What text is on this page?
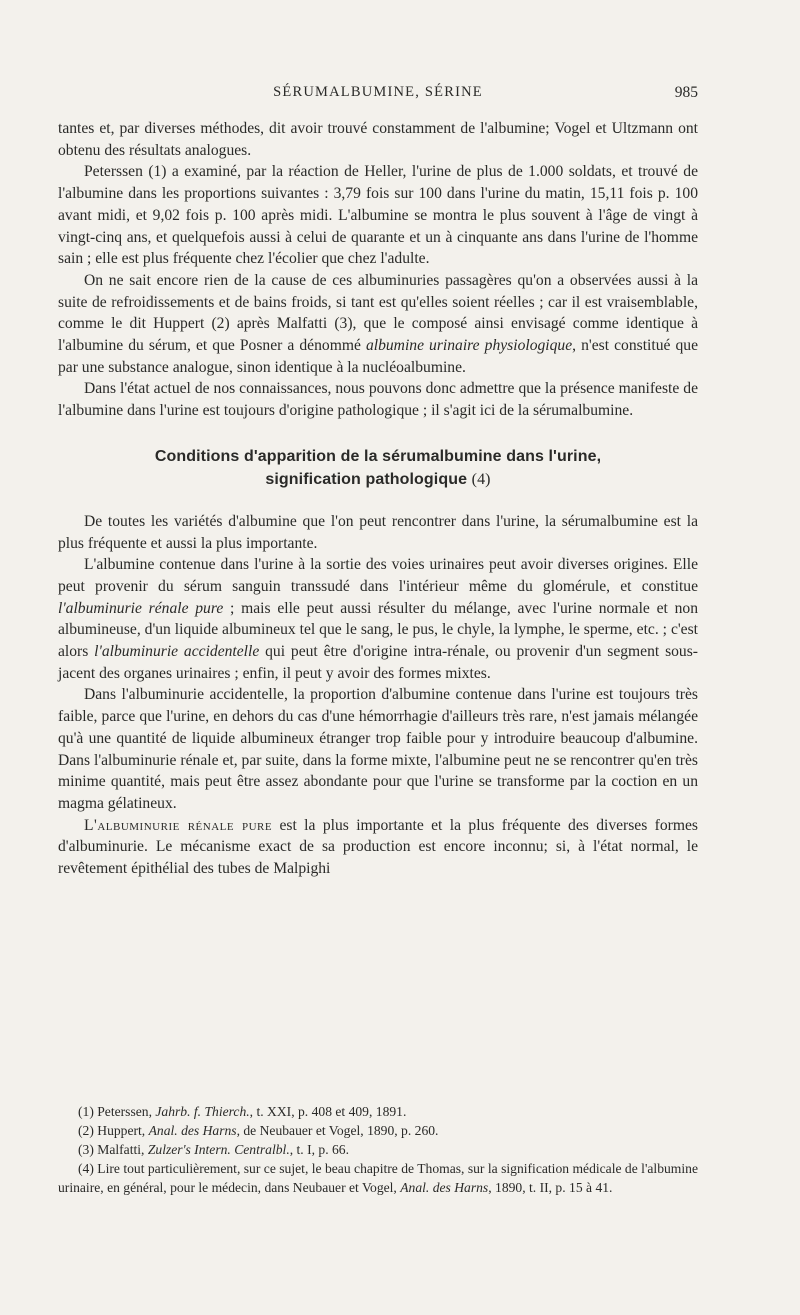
SÉRUMALBUMINE, SÉRINE	985

tantes et, par diverses méthodes, dit avoir trouvé constamment de l'albumine; Vogel et Ultzmann ont obtenu des résultats analogues.

Peterssen (1) a examiné, par la réaction de Heller, l'urine de plus de 1.000 soldats, et trouvé de l'albumine dans les proportions suivantes : 3,79 fois sur 100 dans l'urine du matin, 15,11 fois p. 100 avant midi, et 9,02 fois p. 100 après midi. L'albumine se montra le plus souvent à l'âge de vingt à vingt-cinq ans, et quelquefois aussi à celui de quarante et un à cinquante ans dans l'urine de l'homme sain ; elle est plus fréquente chez l'écolier que chez l'adulte.

On ne sait encore rien de la cause de ces albuminuries passagères qu'on a observées aussi à la suite de refroidissements et de bains froids, si tant est qu'elles soient réelles ; car il est vraisemblable, comme le dit Huppert (2) après Malfatti (3), que le composé ainsi envisagé comme identique à l'albumine du sérum, et que Posner a dénommé albumine urinaire physiologique, n'est constitué que par une substance analogue, sinon identique à la nucléoalbumine.

Dans l'état actuel de nos connaissances, nous pouvons donc admettre que la présence manifeste de l'albumine dans l'urine est toujours d'origine pathologique ; il s'agit ici de la sérumalbumine.

Conditions d'apparition de la sérumalbumine dans l'urine,
signification pathologique (4)

De toutes les variétés d'albumine que l'on peut rencontrer dans l'urine, la sérumalbumine est la plus fréquente et aussi la plus importante.

L'albumine contenue dans l'urine à la sortie des voies urinaires peut avoir diverses origines. Elle peut provenir du sérum sanguin transsudé dans l'intérieur même du glomérule, et constitue l'albuminurie rénale pure ; mais elle peut aussi résulter du mélange, avec l'urine normale et non albumineuse, d'un liquide albumineux tel que le sang, le pus, le chyle, la lymphe, le sperme, etc. ; c'est alors l'albuminurie accidentelle qui peut être d'origine intra-rénale, ou provenir d'un segment sous-jacent des organes urinaires ; enfin, il peut y avoir des formes mixtes.

Dans l'albuminurie accidentelle, la proportion d'albumine contenue dans l'urine est toujours très faible, parce que l'urine, en dehors du cas d'une hémorrhagie d'ailleurs très rare, n'est jamais mélangée qu'à une quantité de liquide albumineux étranger trop faible pour y introduire beaucoup d'albumine. Dans l'albuminurie rénale et, par suite, dans la forme mixte, l'albumine peut ne se rencontrer qu'en très minime quantité, mais peut être assez abondante pour que l'urine se transforme par la coction en un magma gélatineux.

L'albuminurie rénale pure est la plus importante et la plus fréquente des diverses formes d'albuminurie. Le mécanisme exact de sa production est encore inconnu; si, à l'état normal, le revêtement épithélial des tubes de Malpighi

(1) Peterssen, Jahrb. f. Thierch., t. XXI, p. 408 et 409, 1891.

(2) Huppert, Anal. des Harns, de Neubauer et Vogel, 1890, p. 260.

(3) Malfatti, Zulzer's Intern. Centralbl., t. I, p. 66.

(4) Lire tout particulièrement, sur ce sujet, le beau chapitre de Thomas, sur la signification médicale de l'albumine urinaire, en général, pour le médecin, dans Neubauer et Vogel, Anal. des Harns, 1890, t. II, p. 15 à 41.
